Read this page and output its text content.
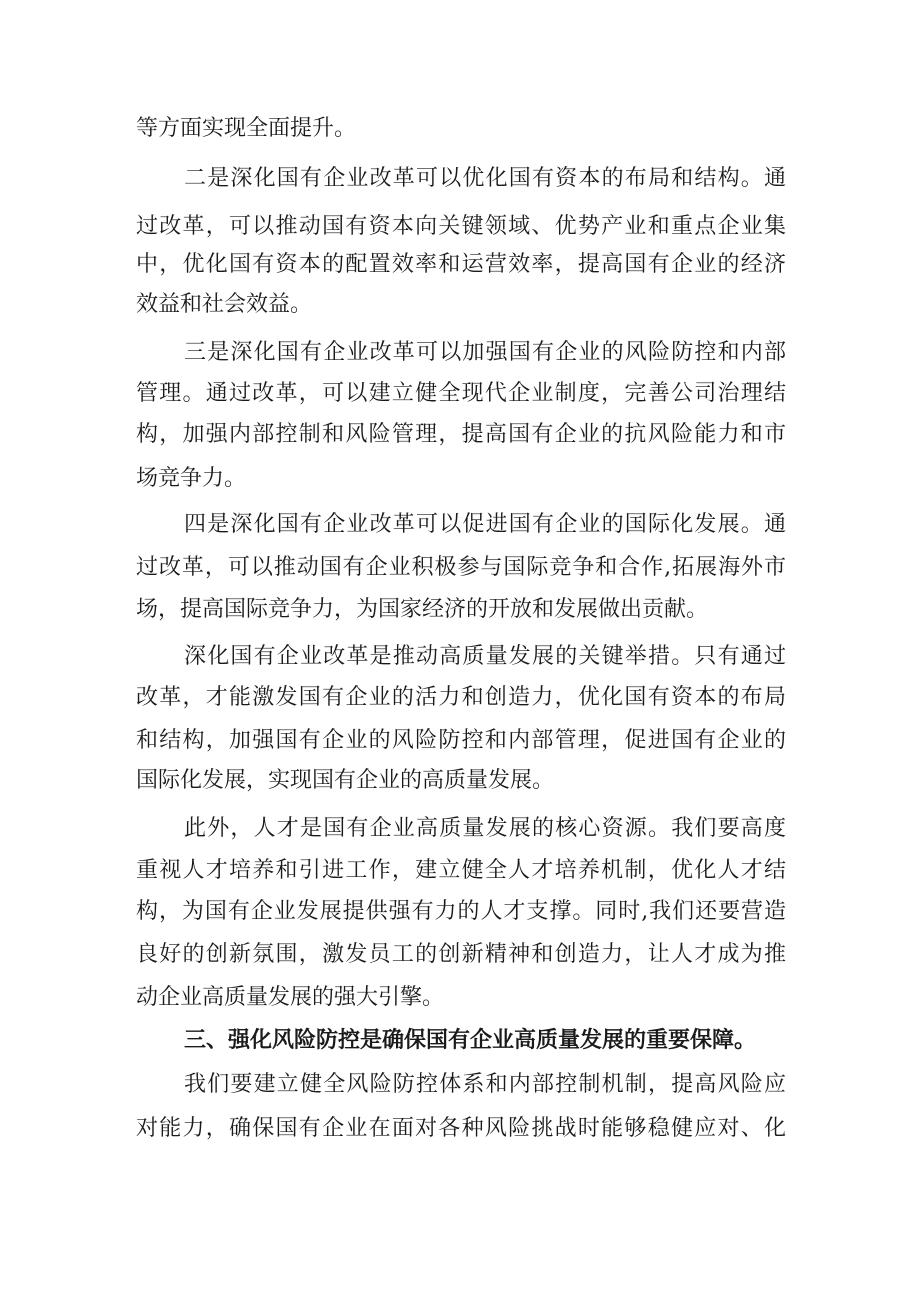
等方面实现全面提升。
二是深化国有企业改革可以优化国有资本的布局和结构。通
过改革，可以推动国有资本向关键领域、优势产业和重点企业集
中，优化国有资本的配置效率和运营效率，提高国有企业的经济
效益和社会效益。
三是深化国有企业改革可以加强国有企业的风险防控和内部
管理。通过改革，可以建立健全现代企业制度，完善公司治理结
构，加强内部控制和风险管理，提高国有企业的抗风险能力和市
场竞争力。
四是深化国有企业改革可以促进国有企业的国际化发展。通
过改革，可以推动国有企业积极参与国际竞争和合作,拓展海外市
场，提高国际竞争力，为国家经济的开放和发展做出贡献。
深化国有企业改革是推动高质量发展的关键举措。只有通过
改革，才能激发国有企业的活力和创造力，优化国有资本的布局
和结构，加强国有企业的风险防控和内部管理，促进国有企业的
国际化发展，实现国有企业的高质量发展。
此外，人才是国有企业高质量发展的核心资源。我们要高度
重视人才培养和引进工作，建立健全人才培养机制，优化人才结
构，为国有企业发展提供强有力的人才支撑。同时,我们还要营造
良好的创新氛围，激发员工的创新精神和创造力，让人才成为推
动企业高质量发展的强大引擎。
三、强化风险防控是确保国有企业高质量发展的重要保障。
我们要建立健全风险防控体系和内部控制机制，提高风险应
对能力，确保国有企业在面对各种风险挑战时能够稳健应对、化
